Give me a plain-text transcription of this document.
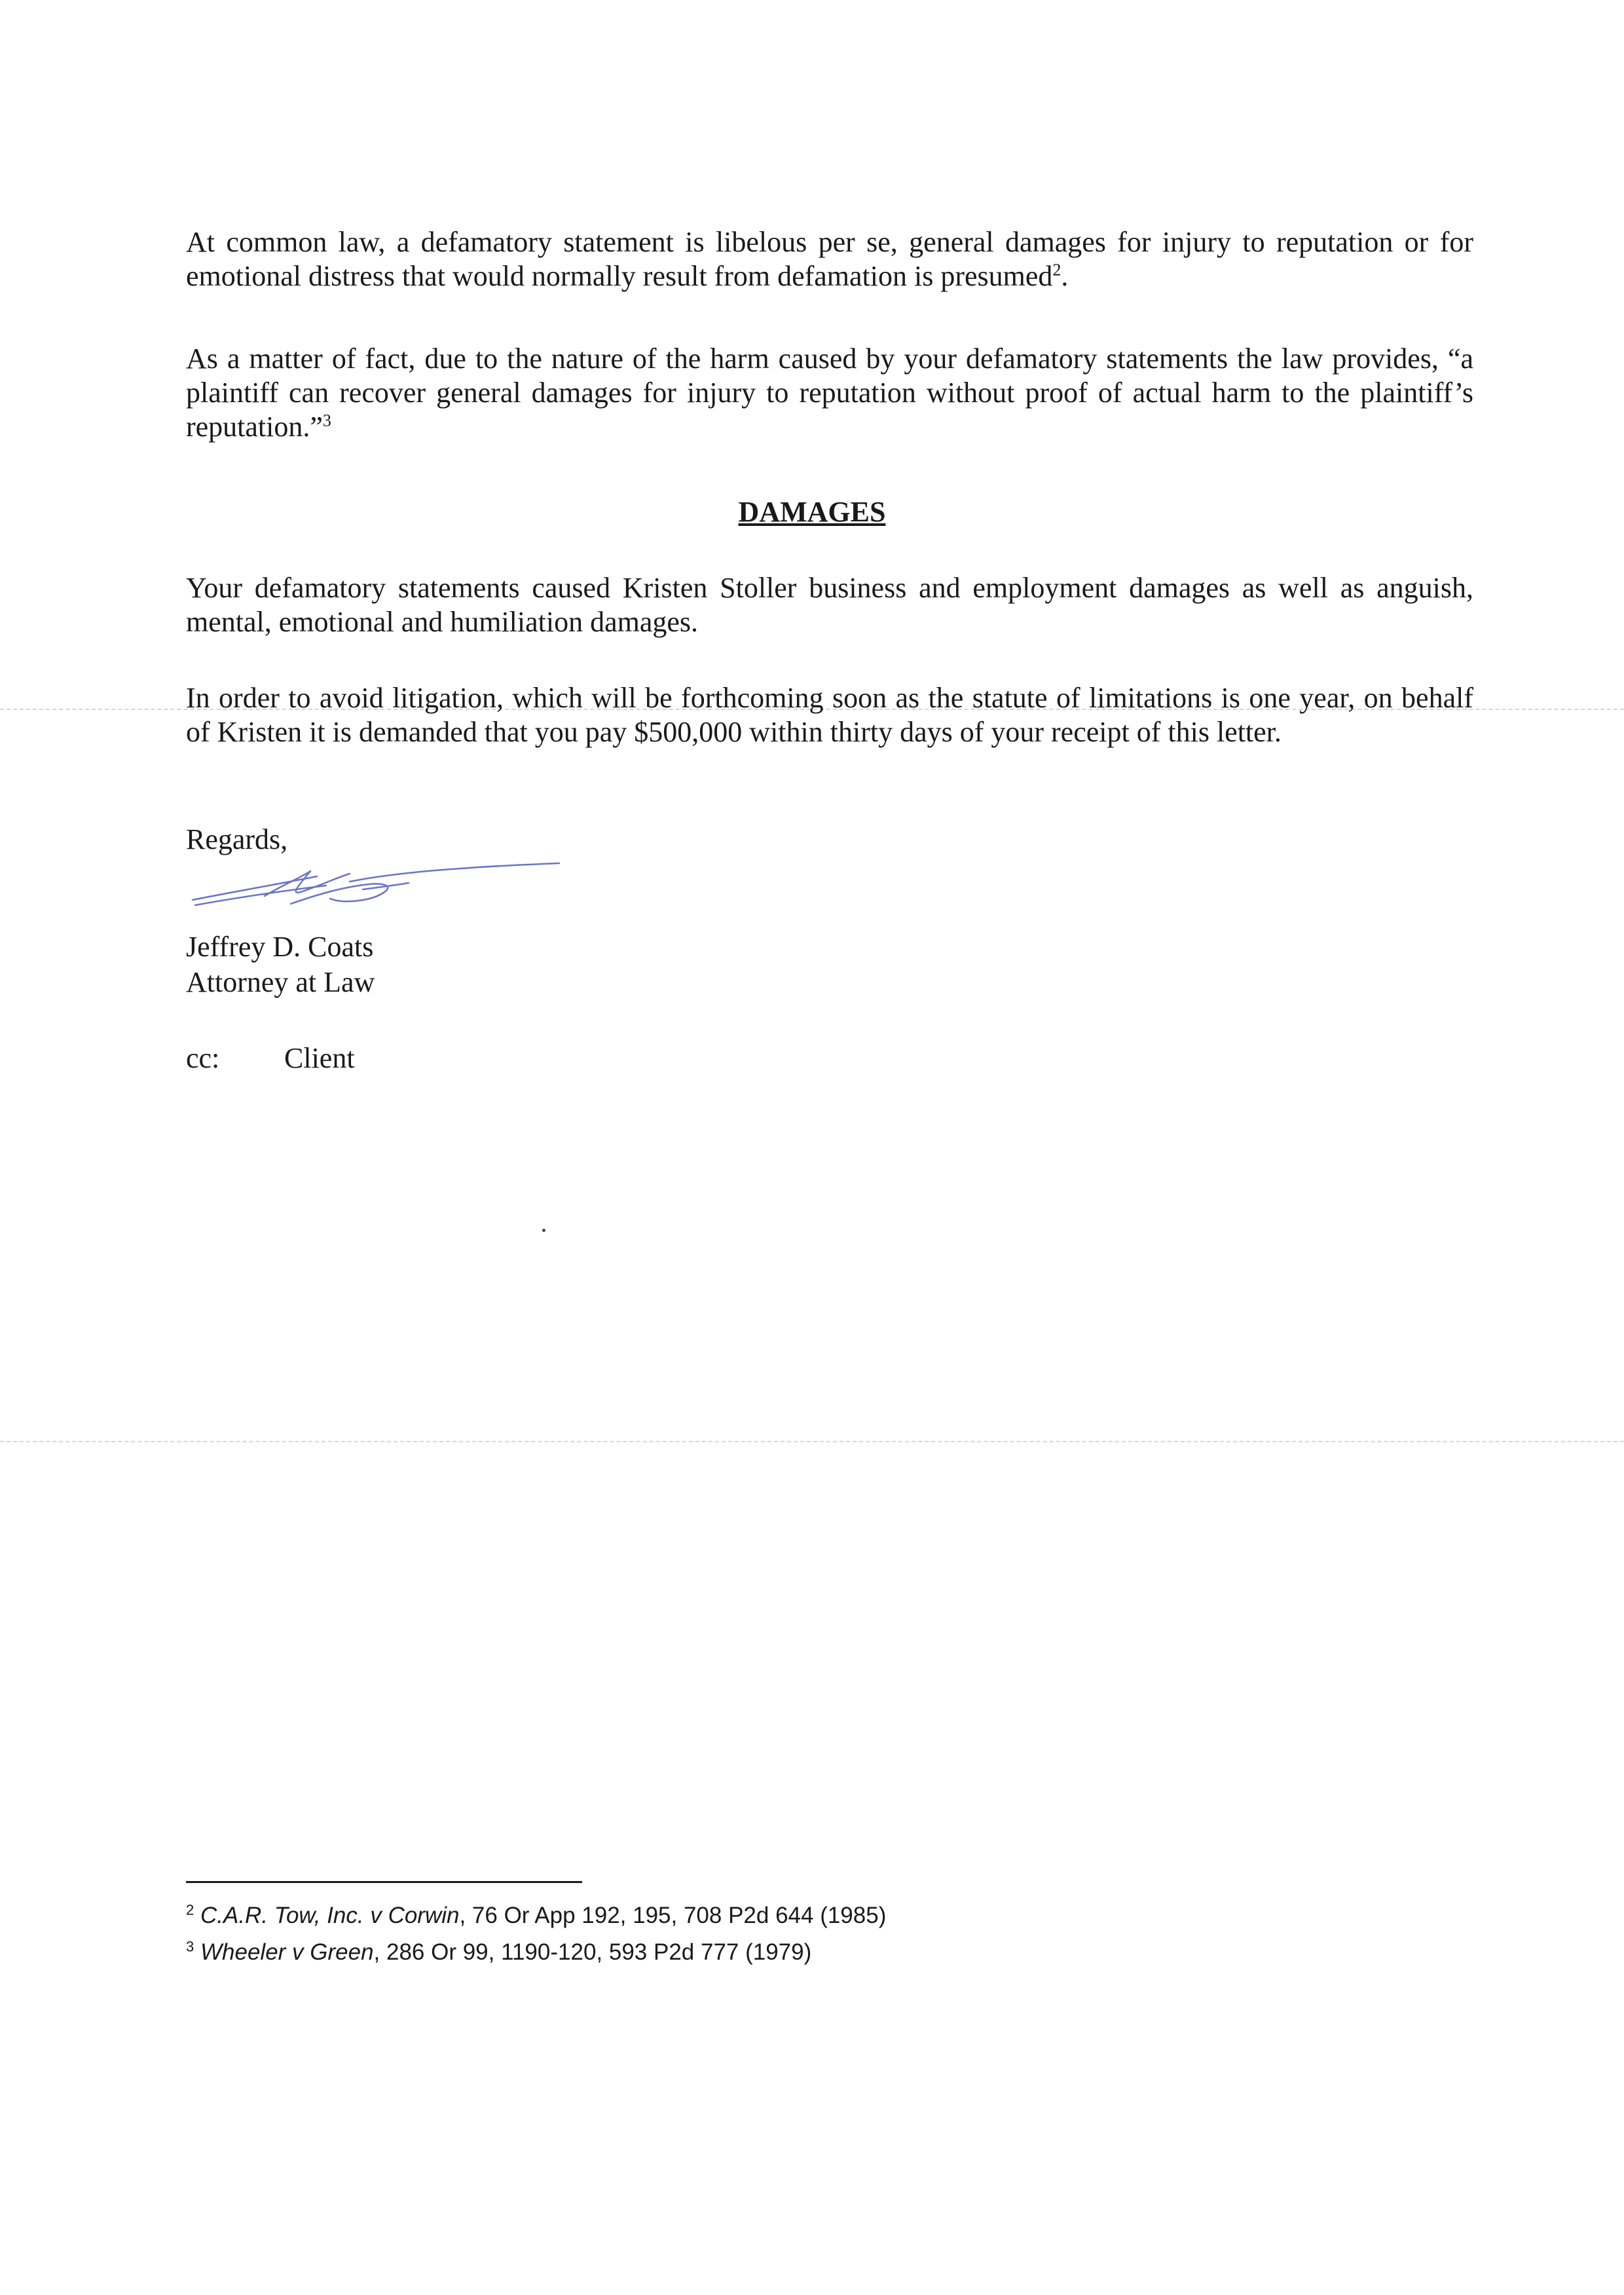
At common law, a defamatory statement is libelous per se, general damages for injury to reputation or for emotional distress that would normally result from defamation is presumed$^2$.

As a matter of fact, due to the nature of the harm caused by your defamatory statements the law provides, “a plaintiff can recover general damages for injury to reputation without proof of actual harm to the plaintiff’s reputation.”$^3$

DAMAGES

Your defamatory statements caused Kristen Stoller business and employment damages as well as anguish, mental, emotional and humiliation damages.

In order to avoid litigation, which will be forthcoming soon as the statute of limitations is one year, on behalf of Kristen it is demanded that you pay $500,000 within thirty days of your receipt of this letter.

Regards,
Jeffrey D. Coats
Attorney at Law
cc: Client
$^2$ C.A.R. Tow, Inc. v Corwin, 76 Or App 192, 195, 708 P2d 644 (1985)
$^3$ Wheeler v Green, 286 Or 99, 1190-120, 593 P2d 777 (1979)
